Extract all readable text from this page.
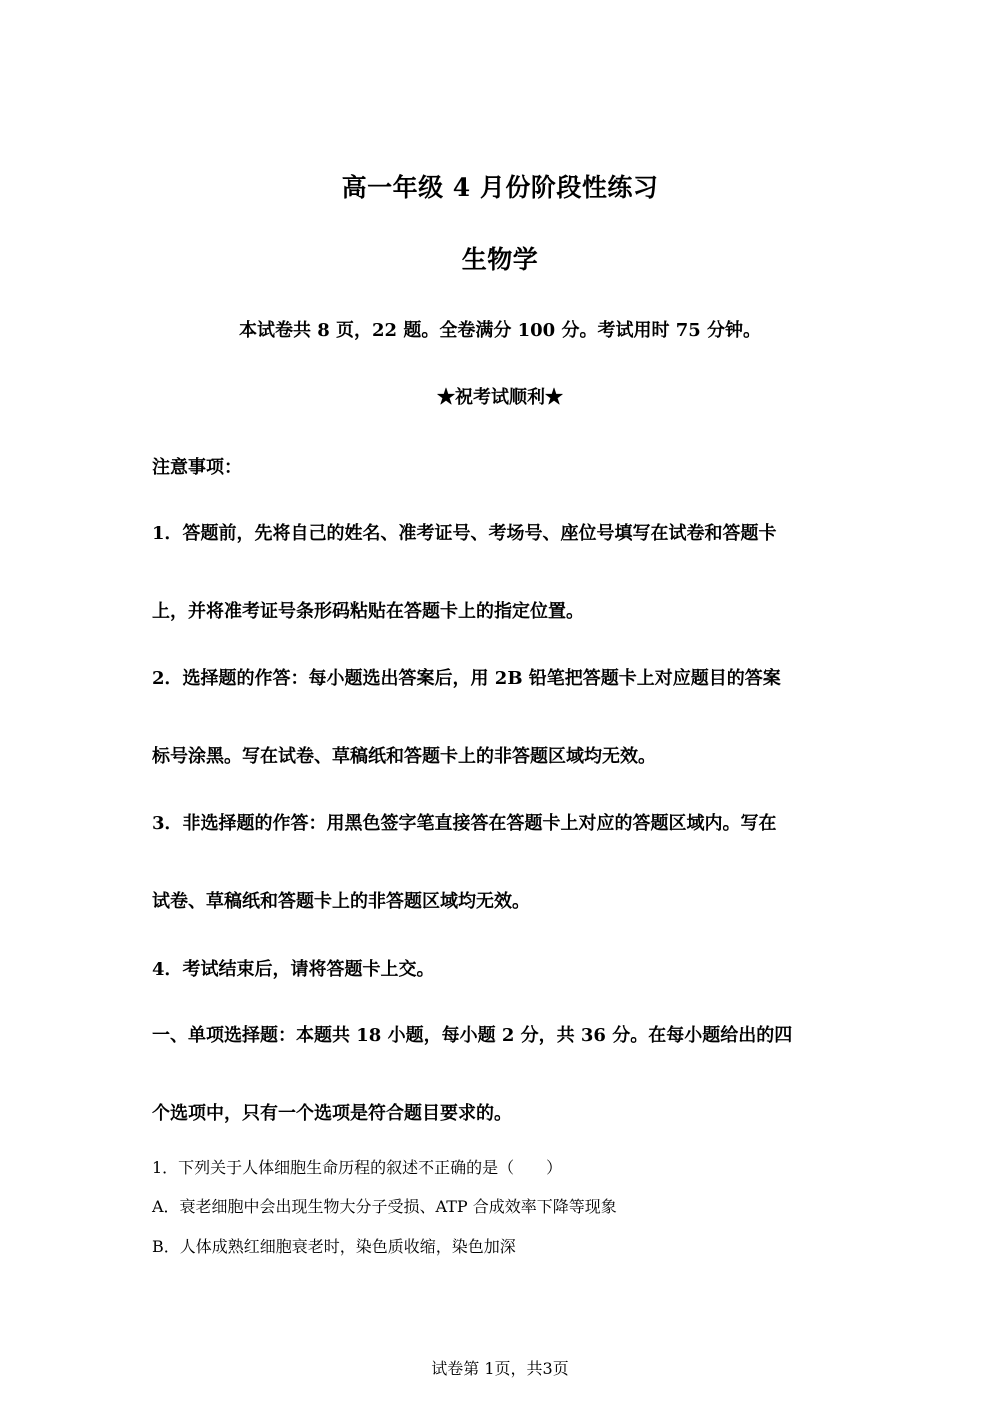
高一年级 4 月份阶段性练习
生物学
本试卷共 8 页，22 题。全卷满分 100 分。考试用时 75 分钟。
★祝考试顺利★
注意事项：
1．答题前，先将自己的姓名、准考证号、考场号、座位号填写在试卷和答题卡
上，并将准考证号条形码粘贴在答题卡上的指定位置。
2．选择题的作答：每小题选出答案后，用 2B 铅笔把答题卡上对应题目的答案
标号涂黑。写在试卷、草稿纸和答题卡上的非答题区域均无效。
3．非选择题的作答：用黑色签字笔直接答在答题卡上对应的答题区域内。写在
试卷、草稿纸和答题卡上的非答题区域均无效。
4．考试结束后，请将答题卡上交。
一、单项选择题：本题共 18 小题，每小题 2 分，共 36 分。在每小题给出的四
个选项中，只有一个选项是符合题目要求的。
1．下列关于人体细胞生命历程的叙述不正确的是（　　）
A．衰老细胞中会出现生物大分子受损、ATP 合成效率下降等现象
B．人体成熟红细胞衰老时，染色质收缩，染色加深
试卷第 1页，共3页
